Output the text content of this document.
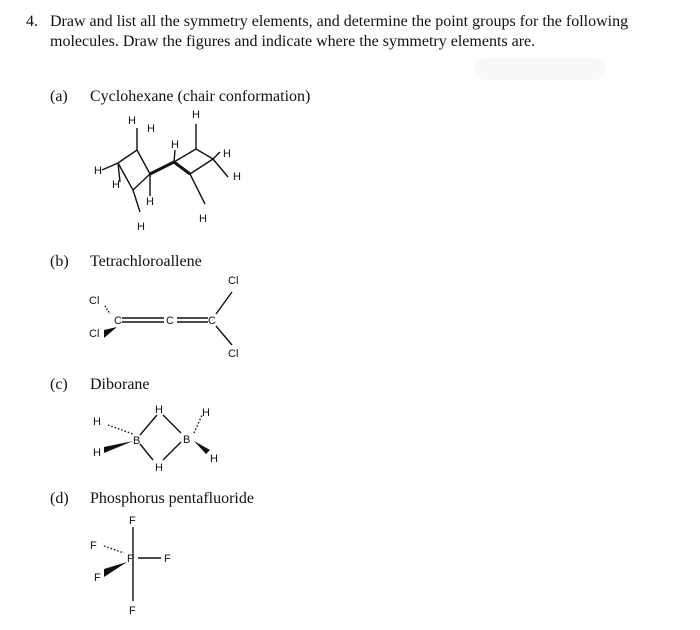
4. Draw and list all the symmetry elements, and determine the point groups for the following
molecules. Draw the figures and indicate where the symmetry elements are.
(a) Cyclohexane (chair conformation)
(b) Tetrachloroallene
(c) Diborane
(d) Phosphorus pentafluoride
H
H
H
H
H
H
H
H
H
H
H
Cl
Cl
C	C	C
Cl
Cl
H
H
B
H
H
B
H
H
F
F
P	F
F
F
